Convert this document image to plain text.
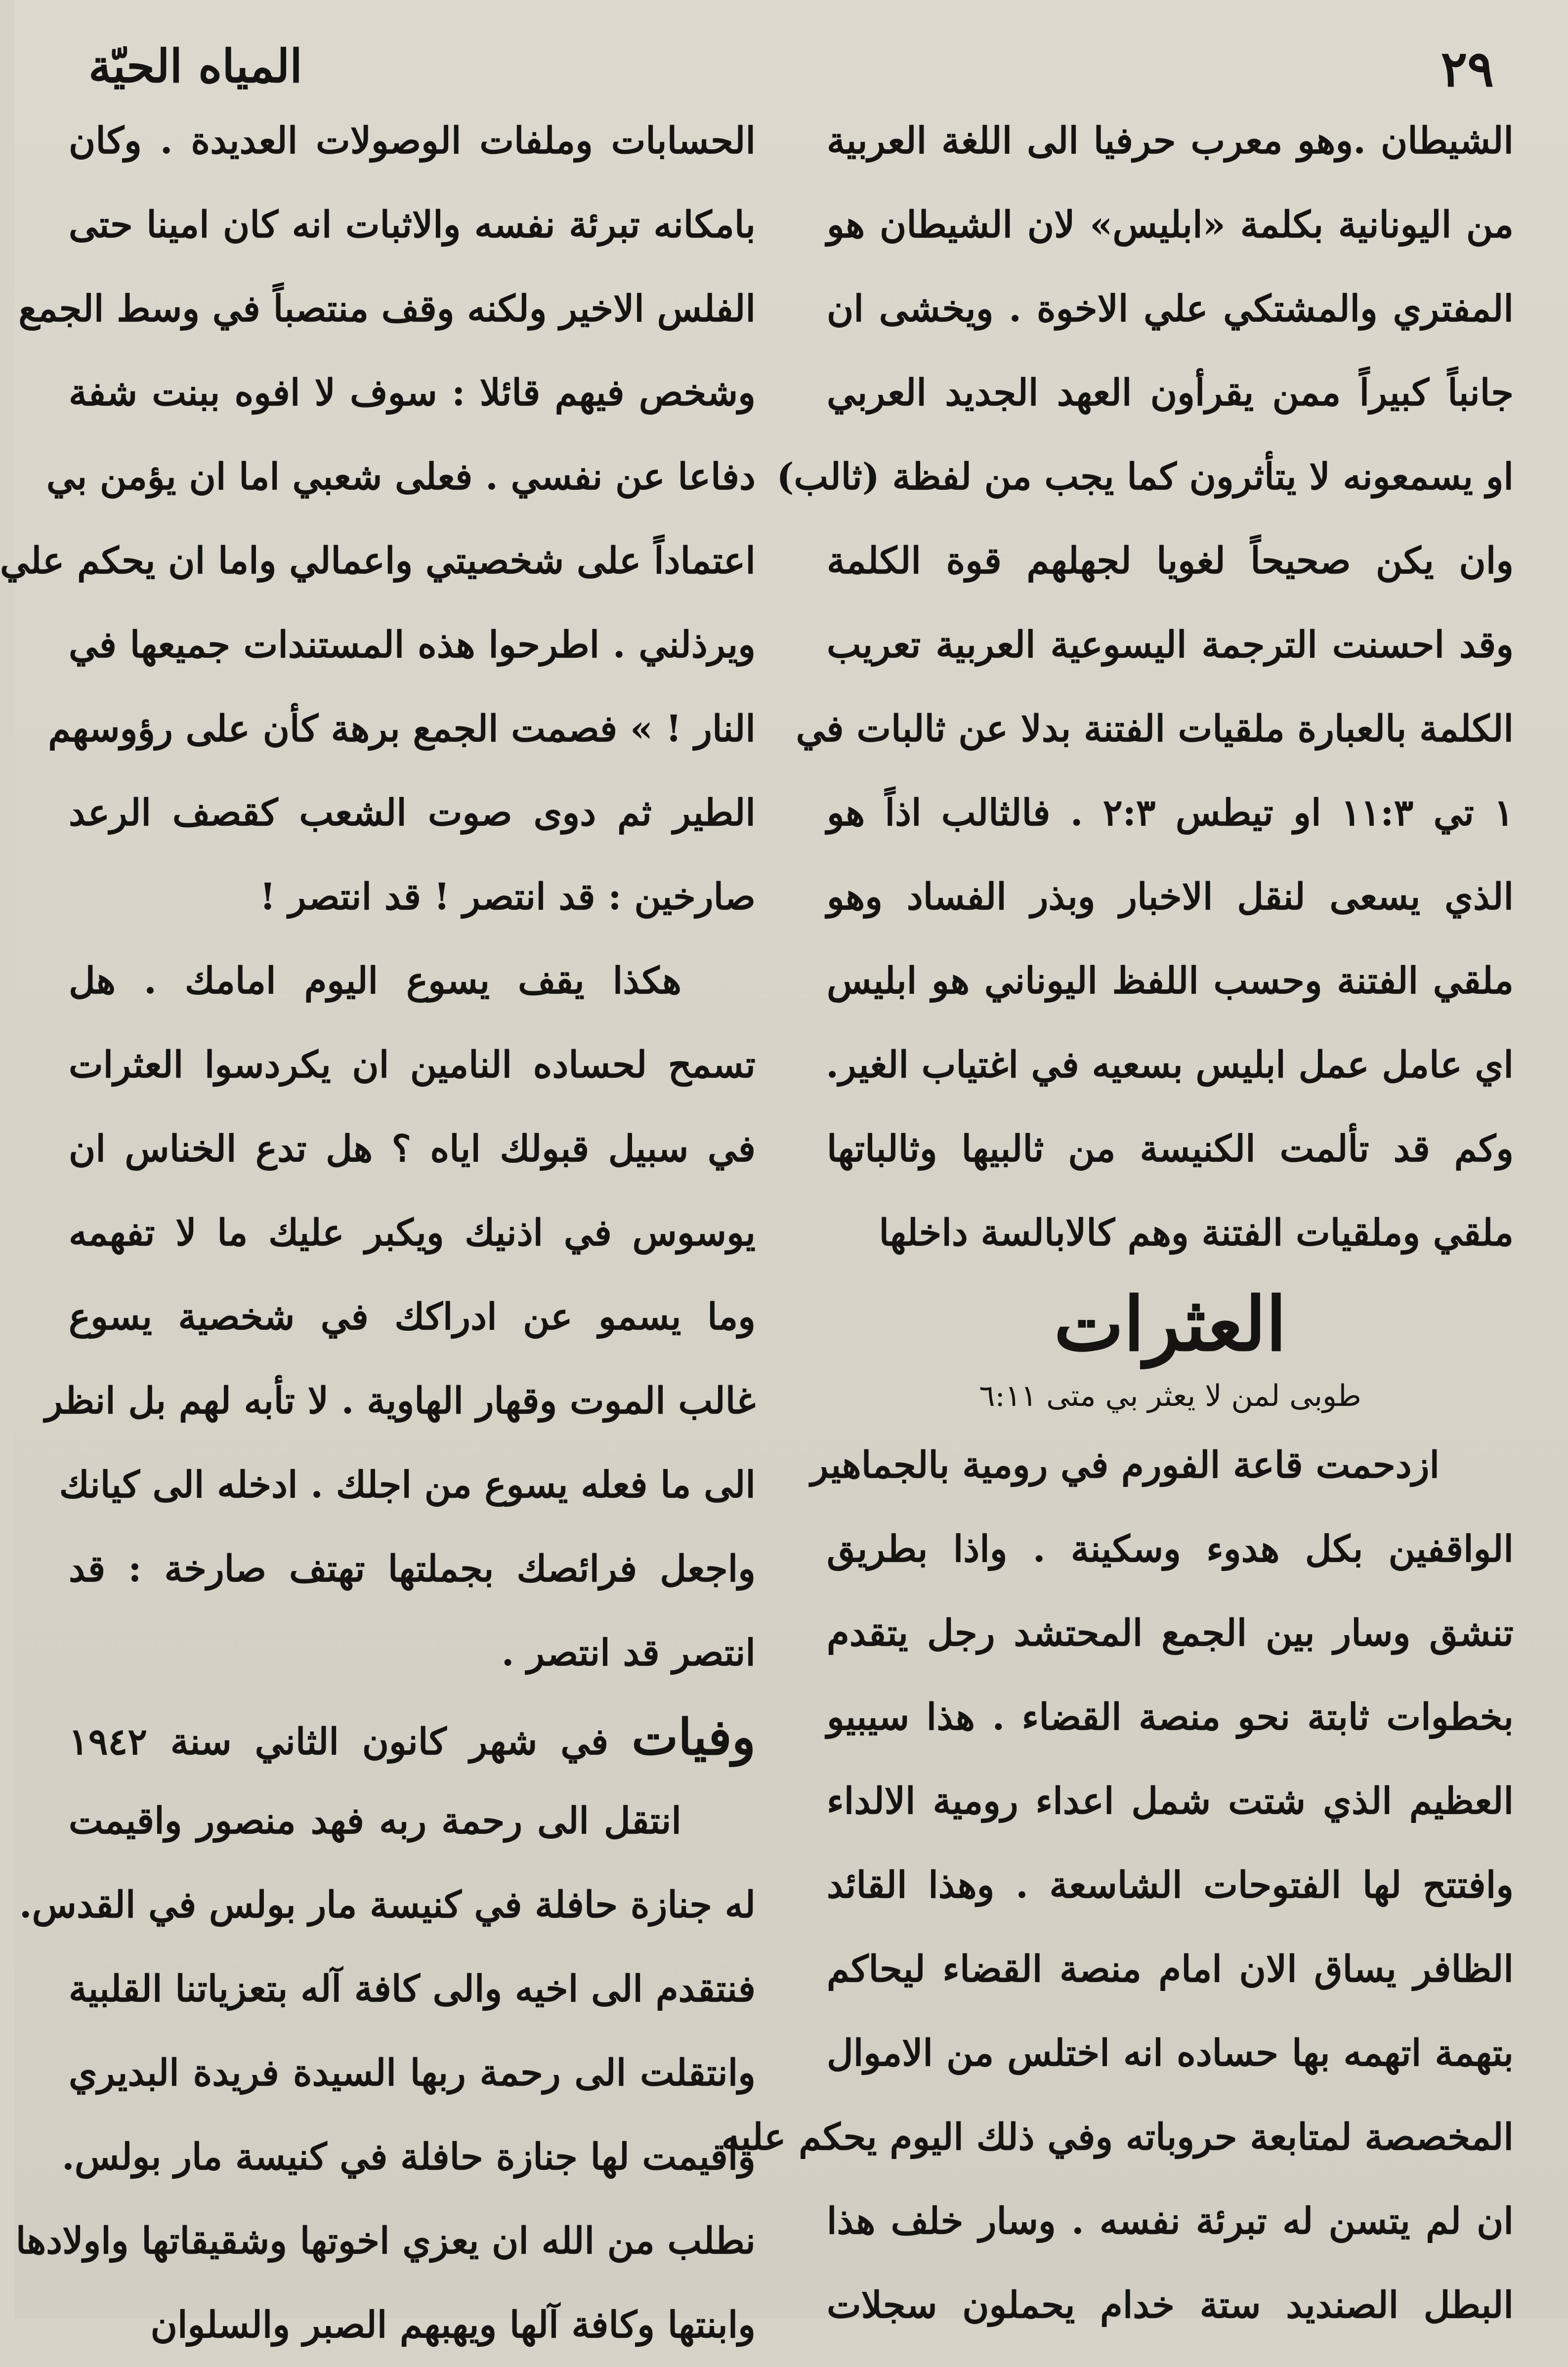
٢٩
المياه الحيّة
الشيطان .وهو معرب حرفيا الى اللغة العربية
من اليونانية بكلمة «ابليس» لان الشيطان هو
المفتري والمشتكي علي الاخوة . ويخشى ان
جانباً كبيراً ممن يقرأون العهد الجديد العربي
او يسمعونه لا يتأثرون كما يجب من لفظة (ثالب)
وان يكن صحيحاً لغويا لجهلهم قوة الكلمة
وقد احسنت الترجمة اليسوعية العربية تعريب
الكلمة بالعبارة ملقيات الفتنة بدلا عن ثالبات في
١ تي ١١:٣ او تيطس ٢:٣ . فالثالب اذاً هو
الذي يسعى لنقل الاخبار وبذر الفساد وهو
ملقي الفتنة وحسب اللفظ اليوناني هو ابليس
اي عامل عمل ابليس بسعيه في اغتياب الغير.
وكم قد تألمت الكنيسة من ثالبيها وثالباتها
ملقي وملقيات الفتنة وهم كالابالسة داخلها
العثرات
طوبى لمن لا يعثر بي متى ٦:١١
ازدحمت قاعة الفورم في رومية بالجماهير
الواقفين بكل هدوء وسكينة . واذا بطريق
تنشق وسار بين الجمع المحتشد رجل يتقدم
بخطوات ثابتة نحو منصة القضاء . هذا سيبيو
العظيم الذي شتت شمل اعداء رومية الالداء
وافتتح لها الفتوحات الشاسعة . وهذا القائد
الظافر يساق الان امام منصة القضاء ليحاكم
بتهمة اتهمه بها حساده انه اختلس من الاموال
المخصصة لمتابعة حروباته وفي ذلك اليوم يحكم عليه
ان لم يتسن له تبرئة نفسه . وسار خلف هذا
البطل الصنديد ستة خدام يحملون سجلات
الحسابات وملفات الوصولات العديدة . وكان
بامكانه تبرئة نفسه والاثبات انه كان امينا حتى
الفلس الاخير ولكنه وقف منتصباً في وسط الجمع
وشخص فيهم قائلا : سوف لا افوه ببنت شفة
دفاعا عن نفسي . فعلى شعبي اما ان يؤمن بي
اعتماداً على شخصيتي واعمالي واما ان يحكم علي
ويرذلني . اطرحوا هذه المستندات جميعها في
النار ! » فصمت الجمع برهة كأن على رؤوسهم
الطير ثم دوى صوت الشعب كقصف الرعد
صارخين : قد انتصر ! قد انتصر !
هكذا يقف يسوع اليوم امامك . هل
تسمح لحساده النامين ان يكردسوا العثرات
في سبيل قبولك اياه ؟ هل تدع الخناس ان
يوسوس في اذنيك ويكبر عليك ما لا تفهمه
وما يسمو عن ادراكك في شخصية يسوع
غالب الموت وقهار الهاوية . لا تأبه لهم بل انظر
الى ما فعله يسوع من اجلك . ادخله الى كيانك
واجعل فرائصك بجملتها تهتف صارخة : قد
انتصر قد انتصر .
وفيات في شهر كانون الثاني سنة ١٩٤٢
انتقل الى رحمة ربه فهد منصور واقيمت
له جنازة حافلة في كنيسة مار بولس في القدس.
فنتقدم الى اخيه والى كافة آله بتعزياتنا القلبية
وانتقلت الى رحمة ربها السيدة فريدة البديري
واقيمت لها جنازة حافلة في كنيسة مار بولس.
نطلب من الله ان يعزي اخوتها وشقيقاتها واولادها
وابنتها وكافة آلها ويهبهم الصبر والسلوان
